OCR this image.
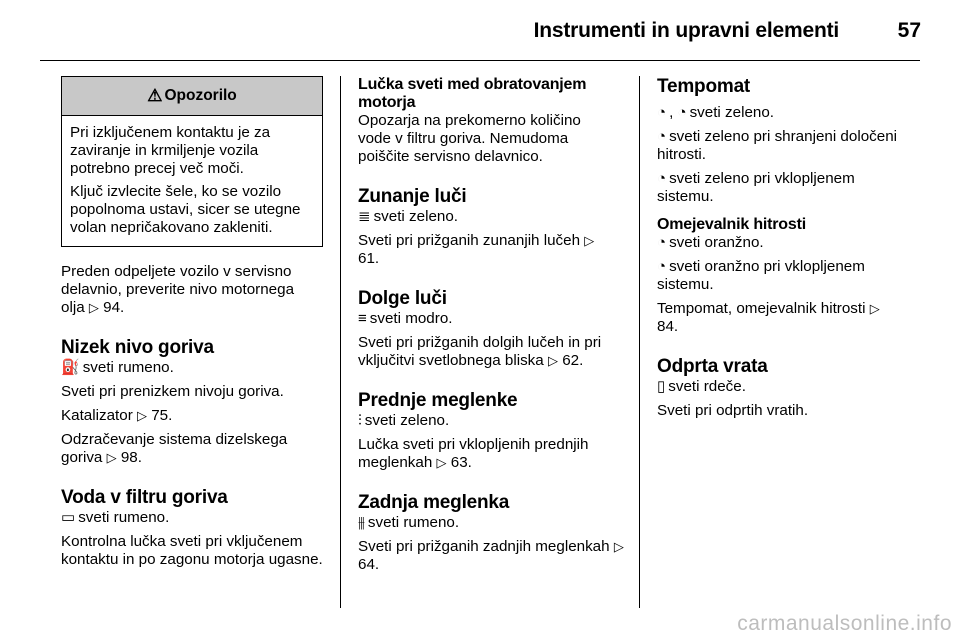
Instrumenti in upravni elementi	57
⚠ Opozorilo

Pri izključenem kontaktu je za zaviranje in krmiljenje vozila potrebno precej več moči.

Ključ izvlecite šele, ko se vozilo popolnoma ustavi, sicer se utegne volan nepričakovano zakleniti.

Preden odpeljete vozilo v servisno delavnio, preverite nivo motornega olja ▷ 94.

Nizek nivo goriva

⛽ sveti rumeno.

Sveti pri prenizkem nivoju goriva.

Katalizator ▷ 75.

Odzračevanje sistema dizelskega goriva ▷ 98.

Voda v filtru goriva

▭ sveti rumeno.

Kontrolna lučka sveti pri vključenem kontaktu in po zagonu motorja ugasne.

Lučka sveti med obratovanjem motorja

Opozarja na prekomerno količino vode v filtru goriva. Nemudoma poiščite servisno delavnico.

Zunanje luči

≣ sveti zeleno.

Sveti pri prižganih zunanjih lučeh ▷ 61.

Dolge luči

≡ sveti modro.

Sveti pri prižganih dolgih lučeh in pri vključitvi svetlobnega bliska ▷ 62.

Prednje meglenke

⫶ sveti zeleno.

Lučka sveti pri vklopljenih prednjih meglenkah ▷ 63.

Zadnja meglenka

⫵ sveti rumeno.

Sveti pri prižganih zadnjih meglenkah ▷ 64.

Tempomat

◔ , ◔ sveti zeleno.

◔ sveti zeleno pri shranjeni določeni hitrosti.

◔ sveti zeleno pri vklopljenem sistemu.

Omejevalnik hitrosti

◔ sveti oranžno.

◔ sveti oranžno pri vklopljenem sistemu.

Tempomat, omejevalnik hitrosti ▷ 84.

Odprta vrata

▯ sveti rdeče.

Sveti pri odprtih vratih.

carmanualsonline.info
